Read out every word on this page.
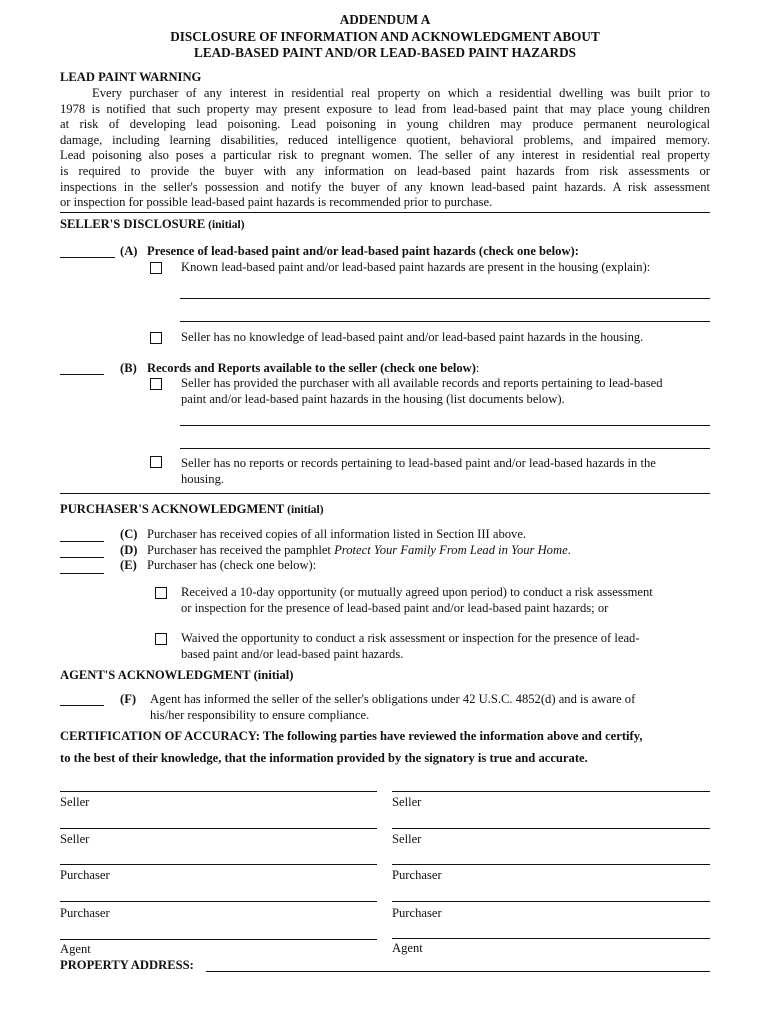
ADDENDUM A
DISCLOSURE OF INFORMATION AND ACKNOWLEDGMENT ABOUT
LEAD-BASED PAINT AND/OR LEAD-BASED PAINT HAZARDS
LEAD PAINT WARNING
Every purchaser of any interest in residential real property on which a residential dwelling was built prior to
1978 is notified that such property may present exposure to lead from lead-based paint that may place young children
at risk of developing lead poisoning. Lead poisoning in young children may produce permanent neurological
damage, including learning disabilities, reduced intelligence quotient, behavioral problems, and impaired memory.
Lead poisoning also poses a particular risk to pregnant women. The seller of any interest in residential real property
is required to provide the buyer with any information on lead-based paint hazards from risk assessments or
inspections in the seller's possession and notify the buyer of any known lead-based paint hazards. A risk assessment
or inspection for possible lead-based paint hazards is recommended prior to purchase.
SELLER'S DISCLOSURE (initial)
(A) Presence of lead-based paint and/or lead-based paint hazards (check one below):
Known lead-based paint and/or lead-based paint hazards are present in the housing (explain):
Seller has no knowledge of lead-based paint and/or lead-based paint hazards in the housing.
(B) Records and Reports available to the seller (check one below):
Seller has provided the purchaser with all available records and reports pertaining to lead-based
paint and/or lead-based paint hazards in the housing (list documents below).
Seller has no reports or records pertaining to lead-based paint and/or lead-based hazards in the
housing.
PURCHASER'S ACKNOWLEDGMENT (initial)
(C) Purchaser has received copies of all information listed in Section III above.
(D) Purchaser has received the pamphlet Protect Your Family From Lead in Your Home.
(E) Purchaser has (check one below):
Received a 10-day opportunity (or mutually agreed upon period) to conduct a risk assessment
or inspection for the presence of lead-based paint and/or lead-based paint hazards; or
Waived the opportunity to conduct a risk assessment or inspection for the presence of lead-
based paint and/or lead-based paint hazards.
AGENT'S ACKNOWLEDGMENT (initial)
(F) Agent has informed the seller of the seller's obligations under 42 U.S.C. 4852(d) and is aware of
his/her responsibility to ensure compliance.
CERTIFICATION OF ACCURACY: The following parties have reviewed the information above and certify,
to the best of their knowledge, that the information provided by the signatory is true and accurate.
Seller	Seller
Seller	Seller
Purchaser	Purchaser
Purchaser	Purchaser
Agent	Agent
PROPERTY ADDRESS:
